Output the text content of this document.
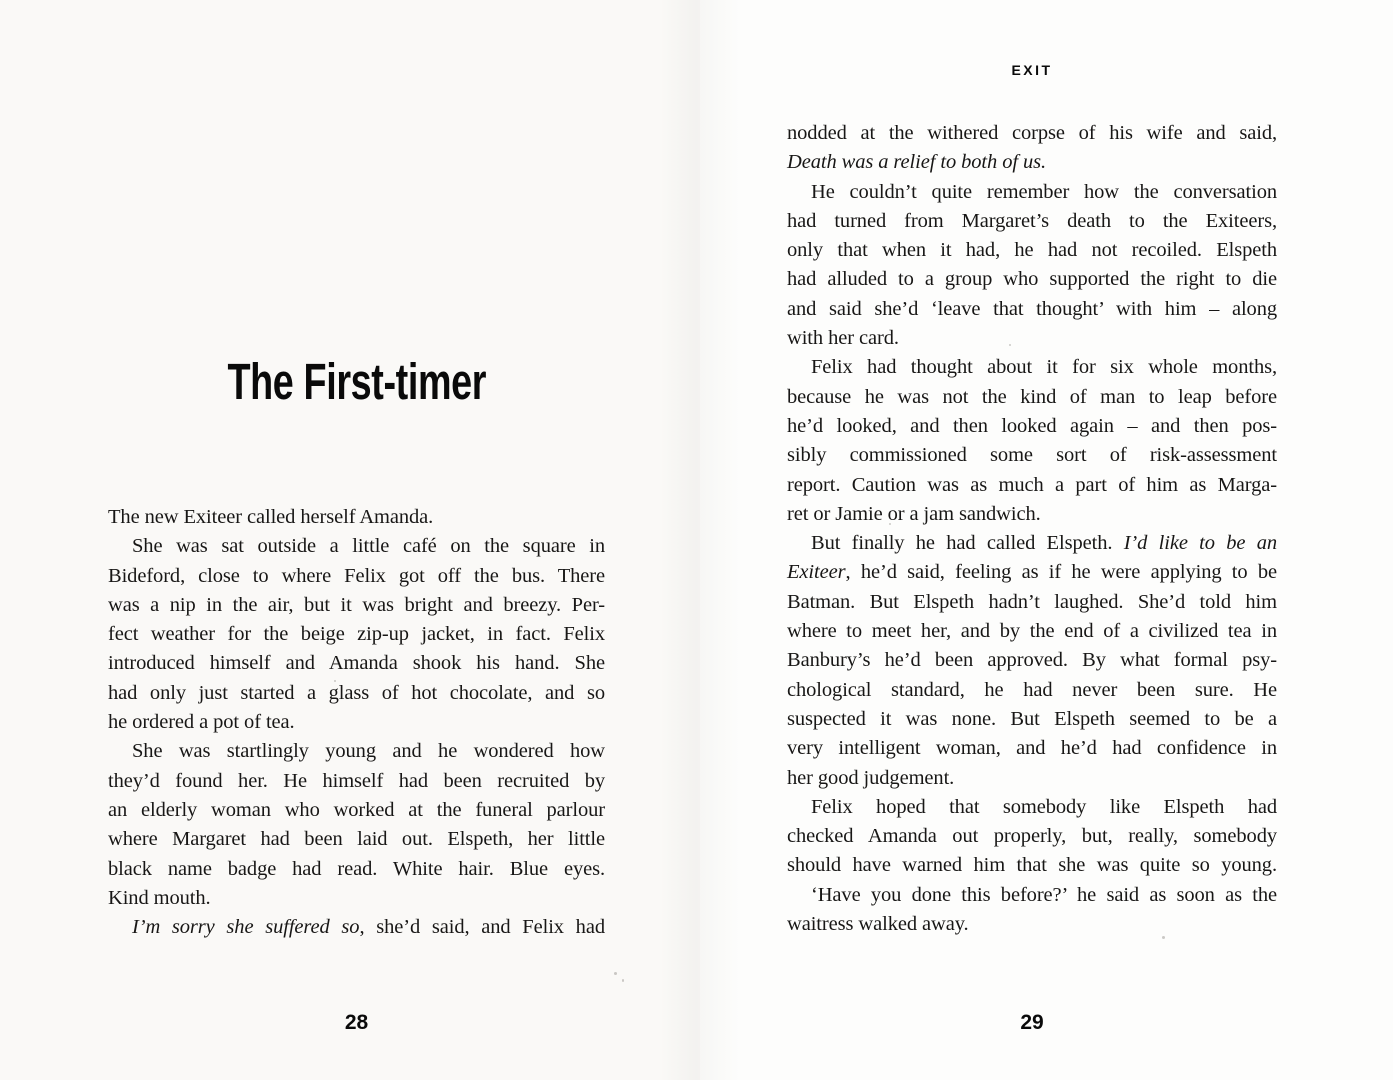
The First-timer
The new Exiteer called herself Amanda.
She was sat outside a little café on the square in
Bideford, close to where Felix got off the bus. There
was a nip in the air, but it was bright and breezy. Per-
fect weather for the beige zip-up jacket, in fact. Felix
introduced himself and Amanda shook his hand. She
had only just started a glass of hot chocolate, and so
he ordered a pot of tea.
She was startlingly young and he wondered how
they’d found her. He himself had been recruited by
an elderly woman who worked at the funeral parlour
where Margaret had been laid out. Elspeth, her little
black name badge had read. White hair. Blue eyes.
Kind mouth.
I’m sorry she suffered so, she’d said, and Felix had
28
EXIT
nodded at the withered corpse of his wife and said,
Death was a relief to both of us.
He couldn’t quite remember how the conversation
had turned from Margaret’s death to the Exiteers,
only that when it had, he had not recoiled. Elspeth
had alluded to a group who supported the right to die
and said she’d ‘leave that thought’ with him – along
with her card.
Felix had thought about it for six whole months,
because he was not the kind of man to leap before
he’d looked, and then looked again – and then pos-
sibly commissioned some sort of risk-assessment
report. Caution was as much a part of him as Marga-
ret or Jamie or a jam sandwich.
But finally he had called Elspeth. I’d like to be an
Exiteer, he’d said, feeling as if he were applying to be
Batman. But Elspeth hadn’t laughed. She’d told him
where to meet her, and by the end of a civilized tea in
Banbury’s he’d been approved. By what formal psy-
chological standard, he had never been sure. He
suspected it was none. But Elspeth seemed to be a
very intelligent woman, and he’d had confidence in
her good judgement.
Felix hoped that somebody like Elspeth had
checked Amanda out properly, but, really, somebody
should have warned him that she was quite so young.
‘Have you done this before?’ he said as soon as the
waitress walked away.
29
